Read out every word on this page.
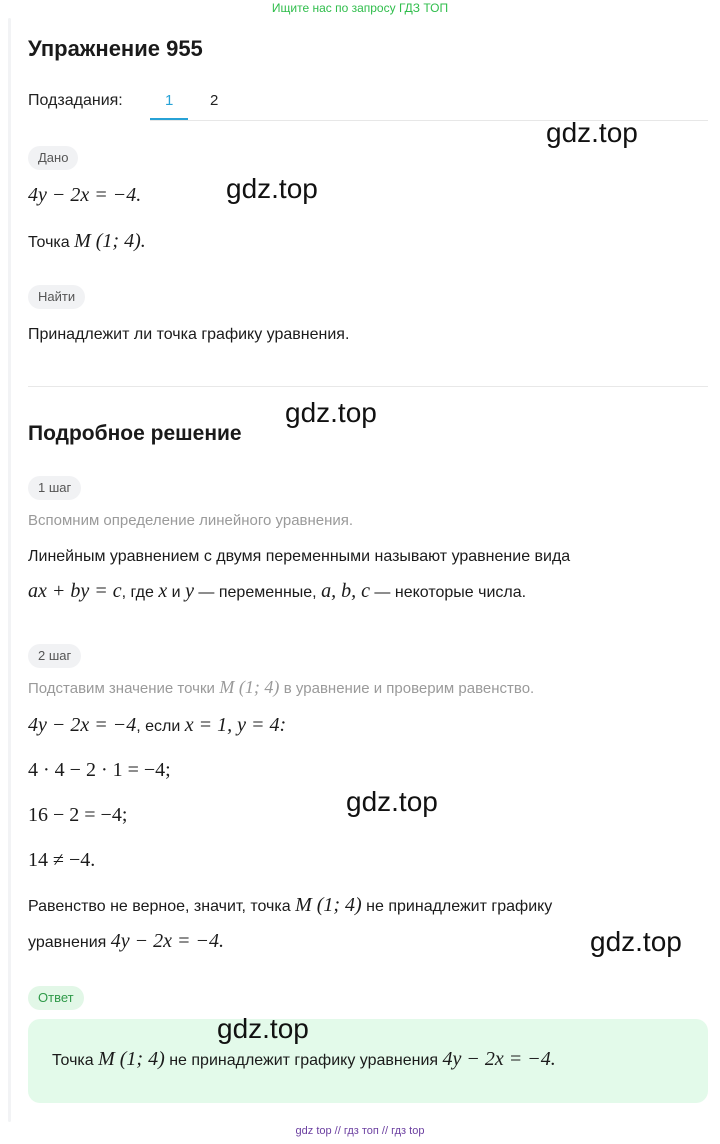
Ищите нас по запросу ГДЗ ТОП
Упражнение 955
Подзадания:	1 2
Дано
4y − 2x = −4.
Точка M (1; 4).
Найти
Принадлежит ли точка графику уравнения.
Подробное решение
1 шаг
Вспомним определение линейного уравнения.
Линейным уравнением с двумя переменными называют уравнение вида
ax + by = c, где x и y — переменные, a, b, c — некоторые числа.
2 шаг
Подставим значение точки M (1; 4) в уравнение и проверим равенство.
4y − 2x = −4, если x = 1, y = 4:
4 · 4 − 2 · 1 = −4;
16 − 2 = −4;
14 ≠ −4.
Равенство не верное, значит, точка M (1; 4) не принадлежит графику
уравнения 4y − 2x = −4.
Ответ
Точка M (1; 4) не принадлежит графику уравнения 4y − 2x = −4.
gdz.top
gdz.top
gdz.top
gdz.top
gdz.top
gdz.top
gdz top // гдз топ // гдз top
